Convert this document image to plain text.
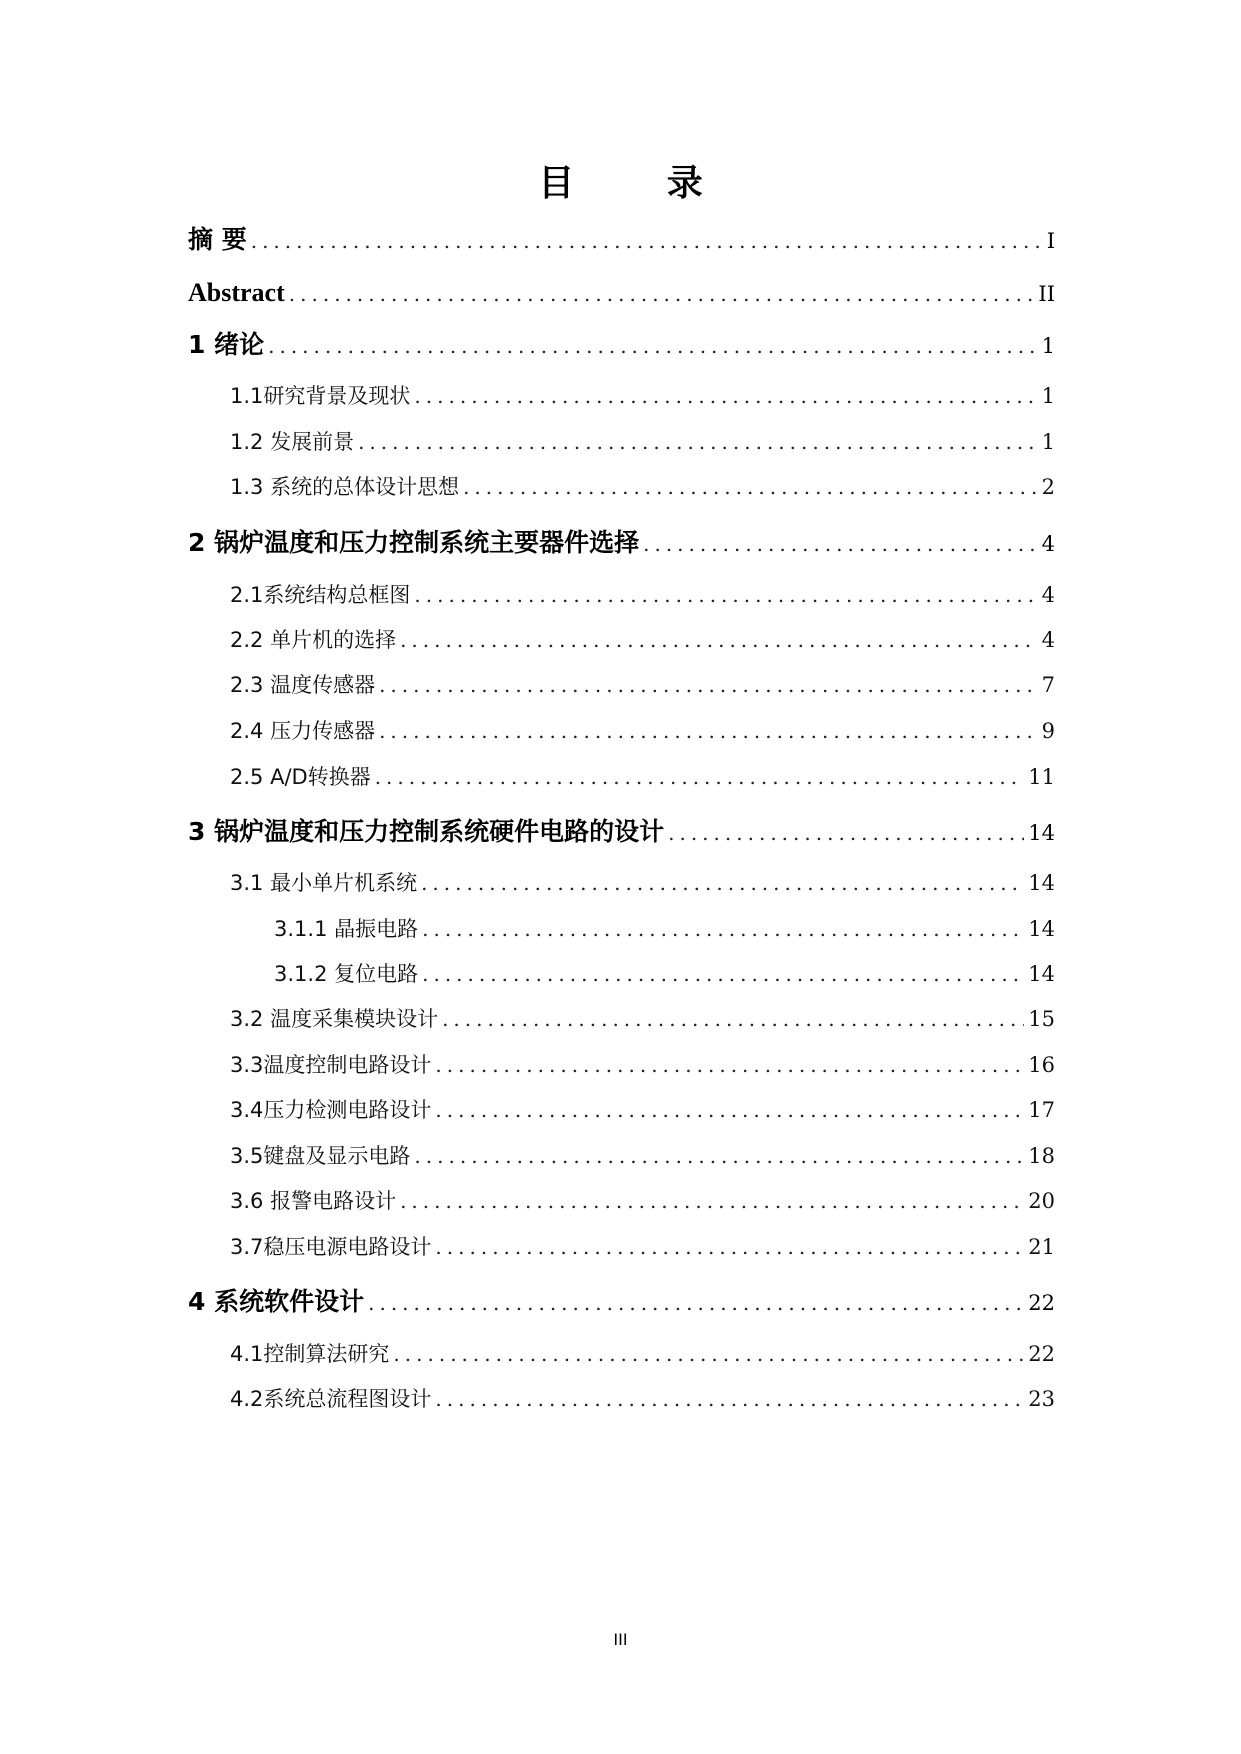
目 录
摘 要 .....	I
Abstract .....	II
1 绪论 .....	1
1.1研究背景及现状 .....	1
1.2 发展前景 .....	1
1.3 系统的总体设计思想 .....	2
2 锅炉温度和压力控制系统主要器件选择 .....	4
2.1系统结构总框图 .....	4
2.2 单片机的选择 .....	4
2.3 温度传感器 .....	7
2.4 压力传感器 .....	9
2.5 A/D转换器 .....	11
3 锅炉温度和压力控制系统硬件电路的设计 .....	14
3.1 最小单片机系统 .....	14
3.1.1 晶振电路 .....	14
3.1.2 复位电路 .....	14
3.2 温度采集模块设计 .....	15
3.3温度控制电路设计 .....	16
3.4压力检测电路设计 .....	17
3.5键盘及显示电路 .....	18
3.6 报警电路设计 .....	20
3.7稳压电源电路设计 .....	21
4 系统软件设计 .....	22
4.1控制算法研究 .....	22
4.2系统总流程图设计 .....	23
III
